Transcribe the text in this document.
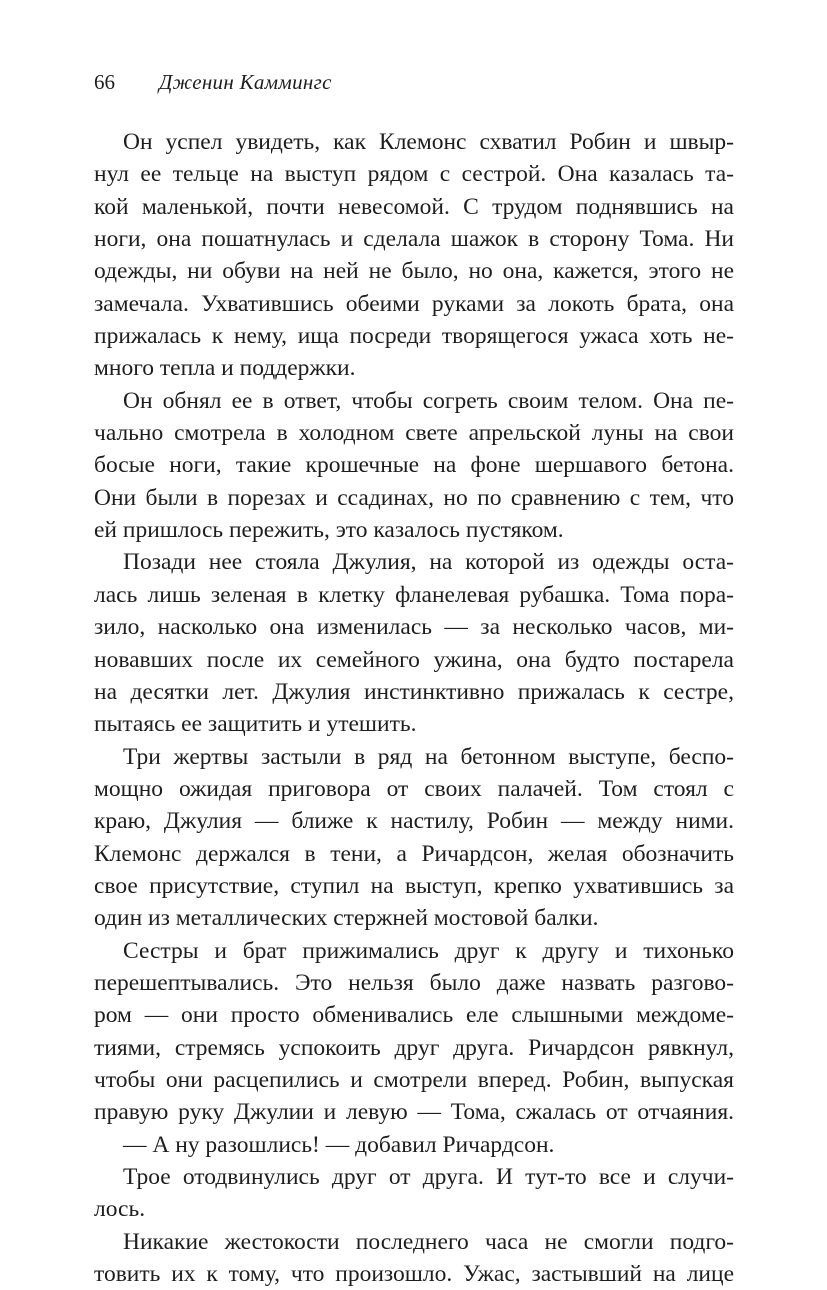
66 Дженин Каммингс
Он успел увидеть, как Клемонс схватил Робин и швыр-
нул ее тельце на выступ рядом с сестрой. Она казалась та-
кой маленькой, почти невесомой. С трудом поднявшись на
ноги, она пошатнулась и сделала шажок в сторону Тома. Ни
одежды, ни обуви на ней не было, но она, кажется, этого не
замечала. Ухватившись обеими руками за локоть брата, она
прижалась к нему, ища посреди творящегося ужаса хоть не-
много тепла и поддержки.
Он обнял ее в ответ, чтобы согреть своим телом. Она пе-
чально смотрела в холодном свете апрельской луны на свои
босые ноги, такие крошечные на фоне шершавого бетона.
Они были в порезах и ссадинах, но по сравнению с тем, что
ей пришлось пережить, это казалось пустяком.
Позади нее стояла Джулия, на которой из одежды оста-
лась лишь зеленая в клетку фланелевая рубашка. Тома пора-
зило, насколько она изменилась — за несколько часов, ми-
новавших после их семейного ужина, она будто постарела
на десятки лет. Джулия инстинктивно прижалась к сестре,
пытаясь ее защитить и утешить.
Три жертвы застыли в ряд на бетонном выступе, беспо-
мощно ожидая приговора от своих палачей. Том стоял с
краю, Джулия — ближе к настилу, Робин — между ними.
Клемонс держался в тени, а Ричардсон, желая обозначить
свое присутствие, ступил на выступ, крепко ухватившись за
один из металлических стержней мостовой балки.
Сестры и брат прижимались друг к другу и тихонько
перешептывались. Это нельзя было даже назвать разгово-
ром — они просто обменивались еле слышными междоме-
тиями, стремясь успокоить друг друга. Ричардсон рявкнул,
чтобы они расцепились и смотрели вперед. Робин, выпуская
правую руку Джулии и левую — Тома, сжалась от отчаяния.
— А ну разошлись! — добавил Ричардсон.
Трое отодвинулись друг от друга. И тут-то все и случи-
лось.
Никакие жестокости последнего часа не смогли подго-
товить их к тому, что произошло. Ужас, застывший на лице
